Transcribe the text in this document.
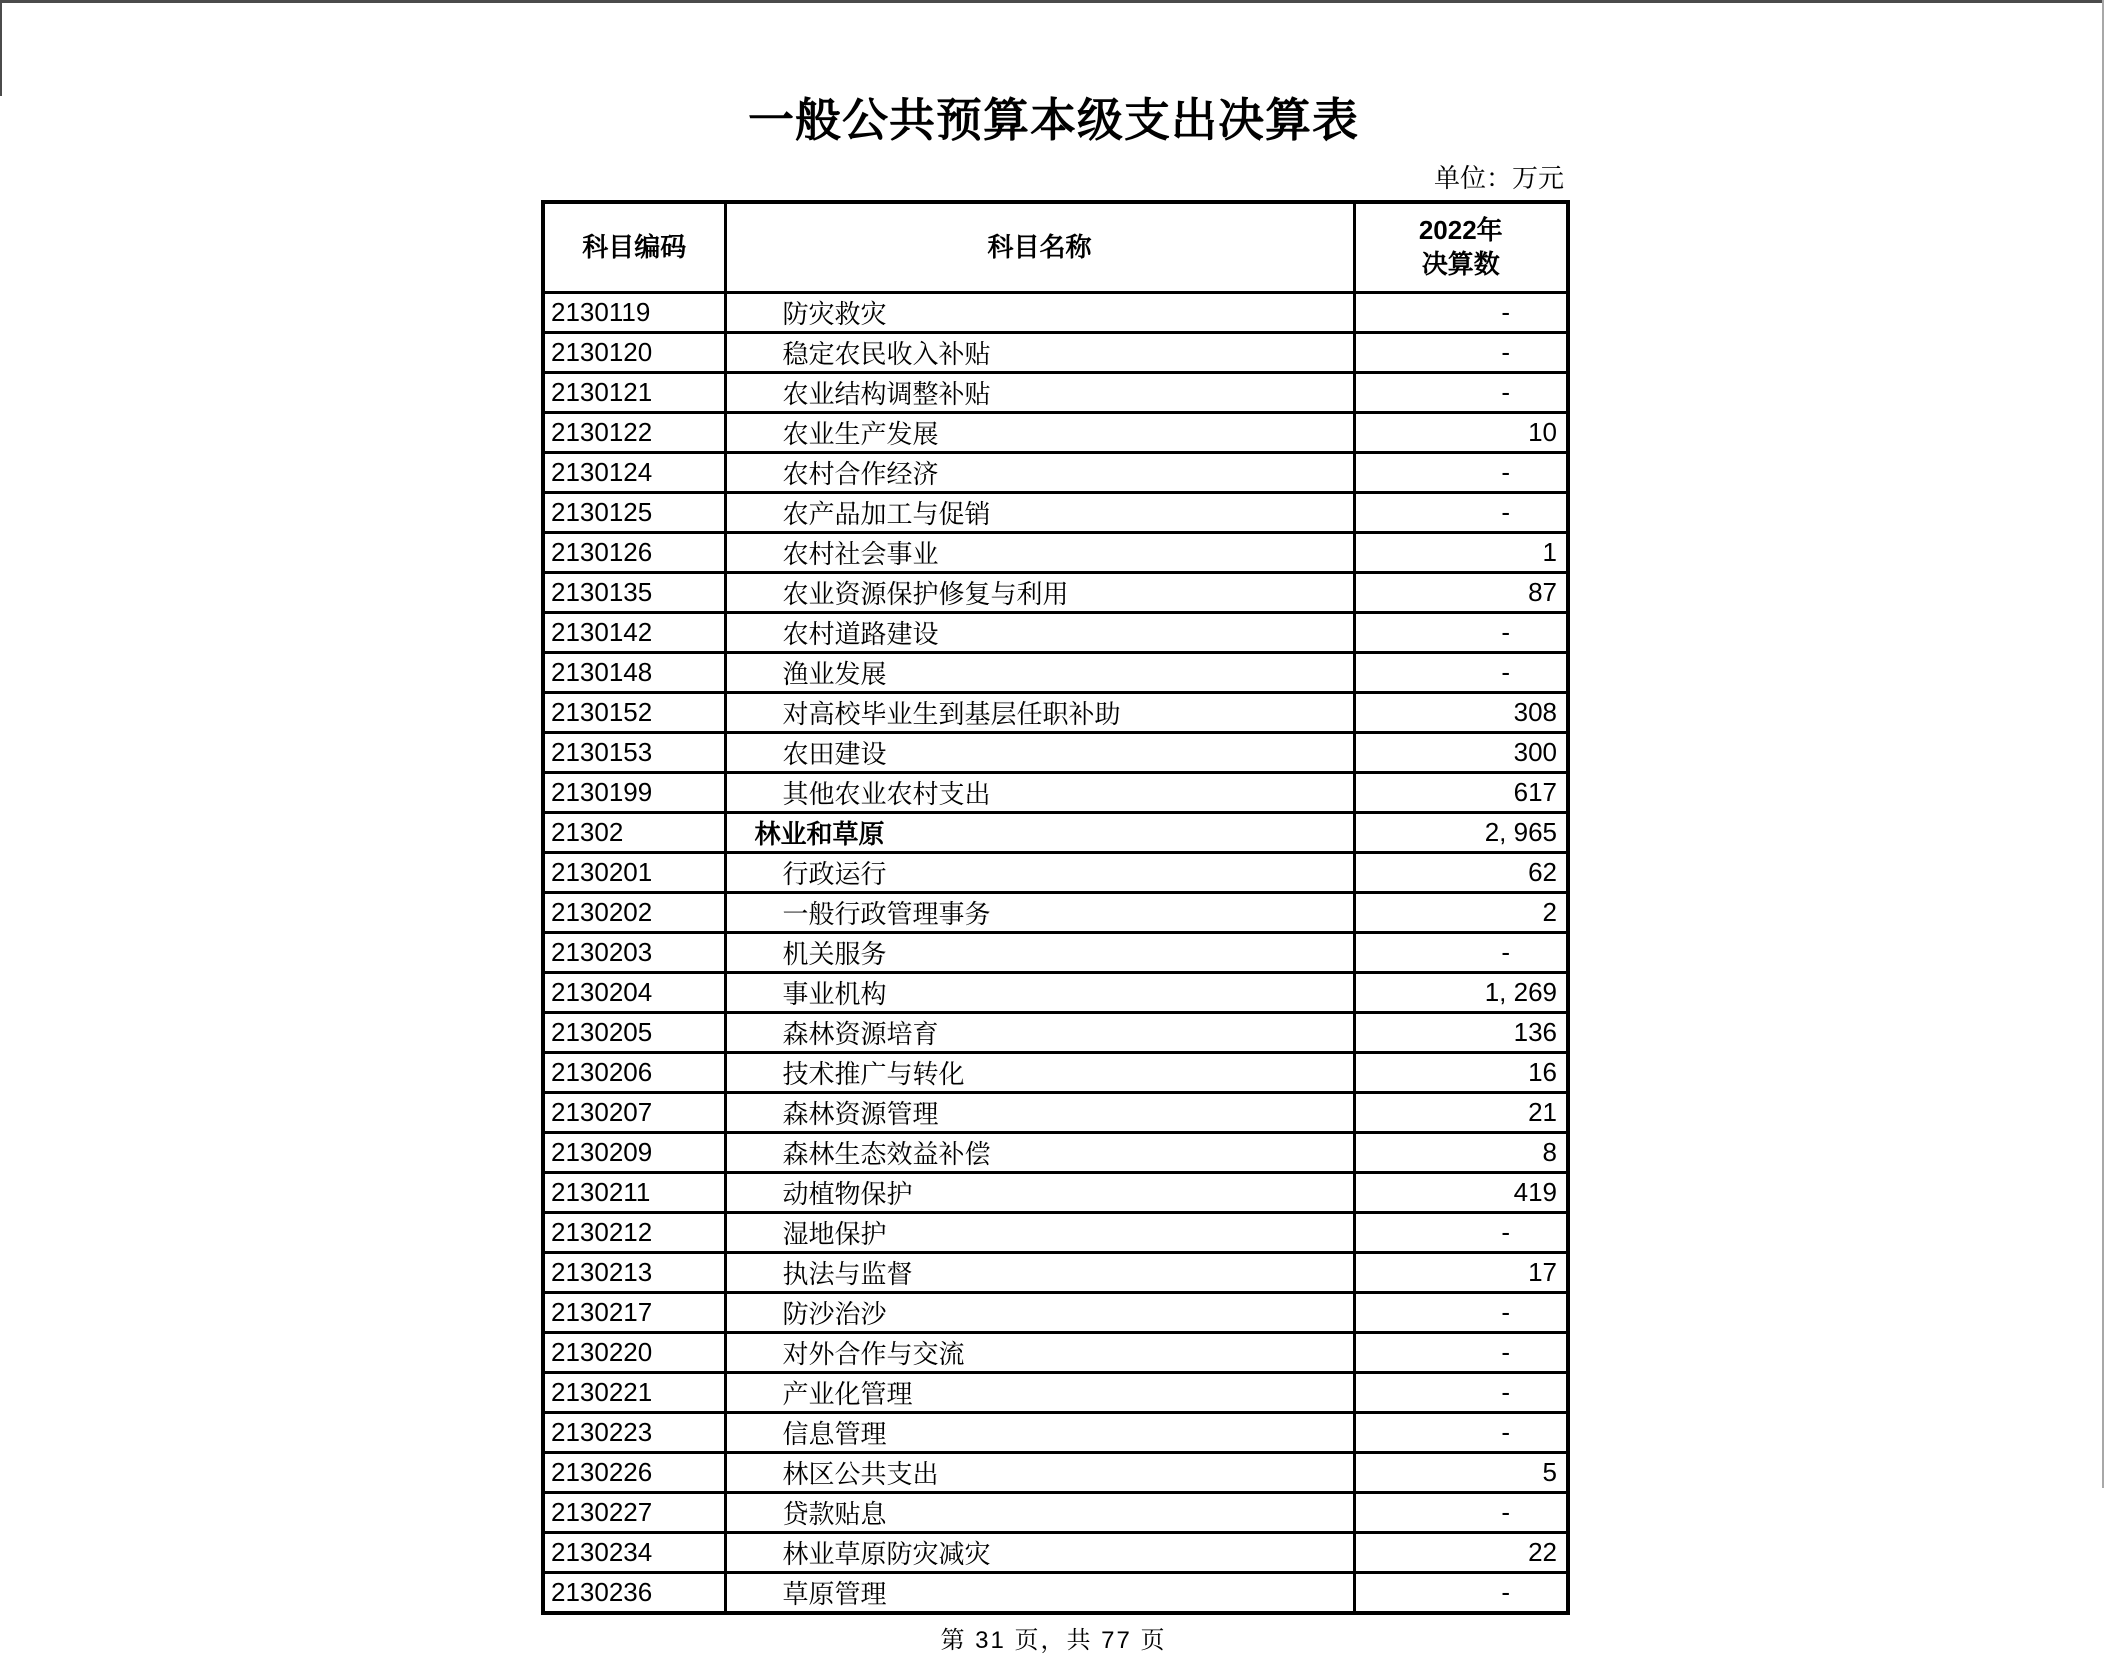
一般公共预算本级支出决算表
单位：万元
科目编码	科目名称	2022年
决算数

2130119	防灾救灾	-
2130120	稳定农民收入补贴	-
2130121	农业结构调整补贴	-
2130122	农业生产发展	10
2130124	农村合作经济	-
2130125	农产品加工与促销	-
2130126	农村社会事业	1
2130135	农业资源保护修复与利用	87
2130142	农村道路建设	-
2130148	渔业发展	-
2130152	对高校毕业生到基层任职补助	308
2130153	农田建设	300
2130199	其他农业农村支出	617
21302	林业和草原	2, 965
2130201	行政运行	62
2130202	一般行政管理事务	2
2130203	机关服务	-
2130204	事业机构	1, 269
2130205	森林资源培育	136
2130206	技术推广与转化	16
2130207	森林资源管理	21
2130209	森林生态效益补偿	8
2130211	动植物保护	419
2130212	湿地保护	-
2130213	执法与监督	17
2130217	防沙治沙	-
2130220	对外合作与交流	-
2130221	产业化管理	-
2130223	信息管理	-
2130226	林区公共支出	5
2130227	贷款贴息	-
2130234	林业草原防灾减灾	22
2130236	草原管理	-
第 31 页，共 77 页
